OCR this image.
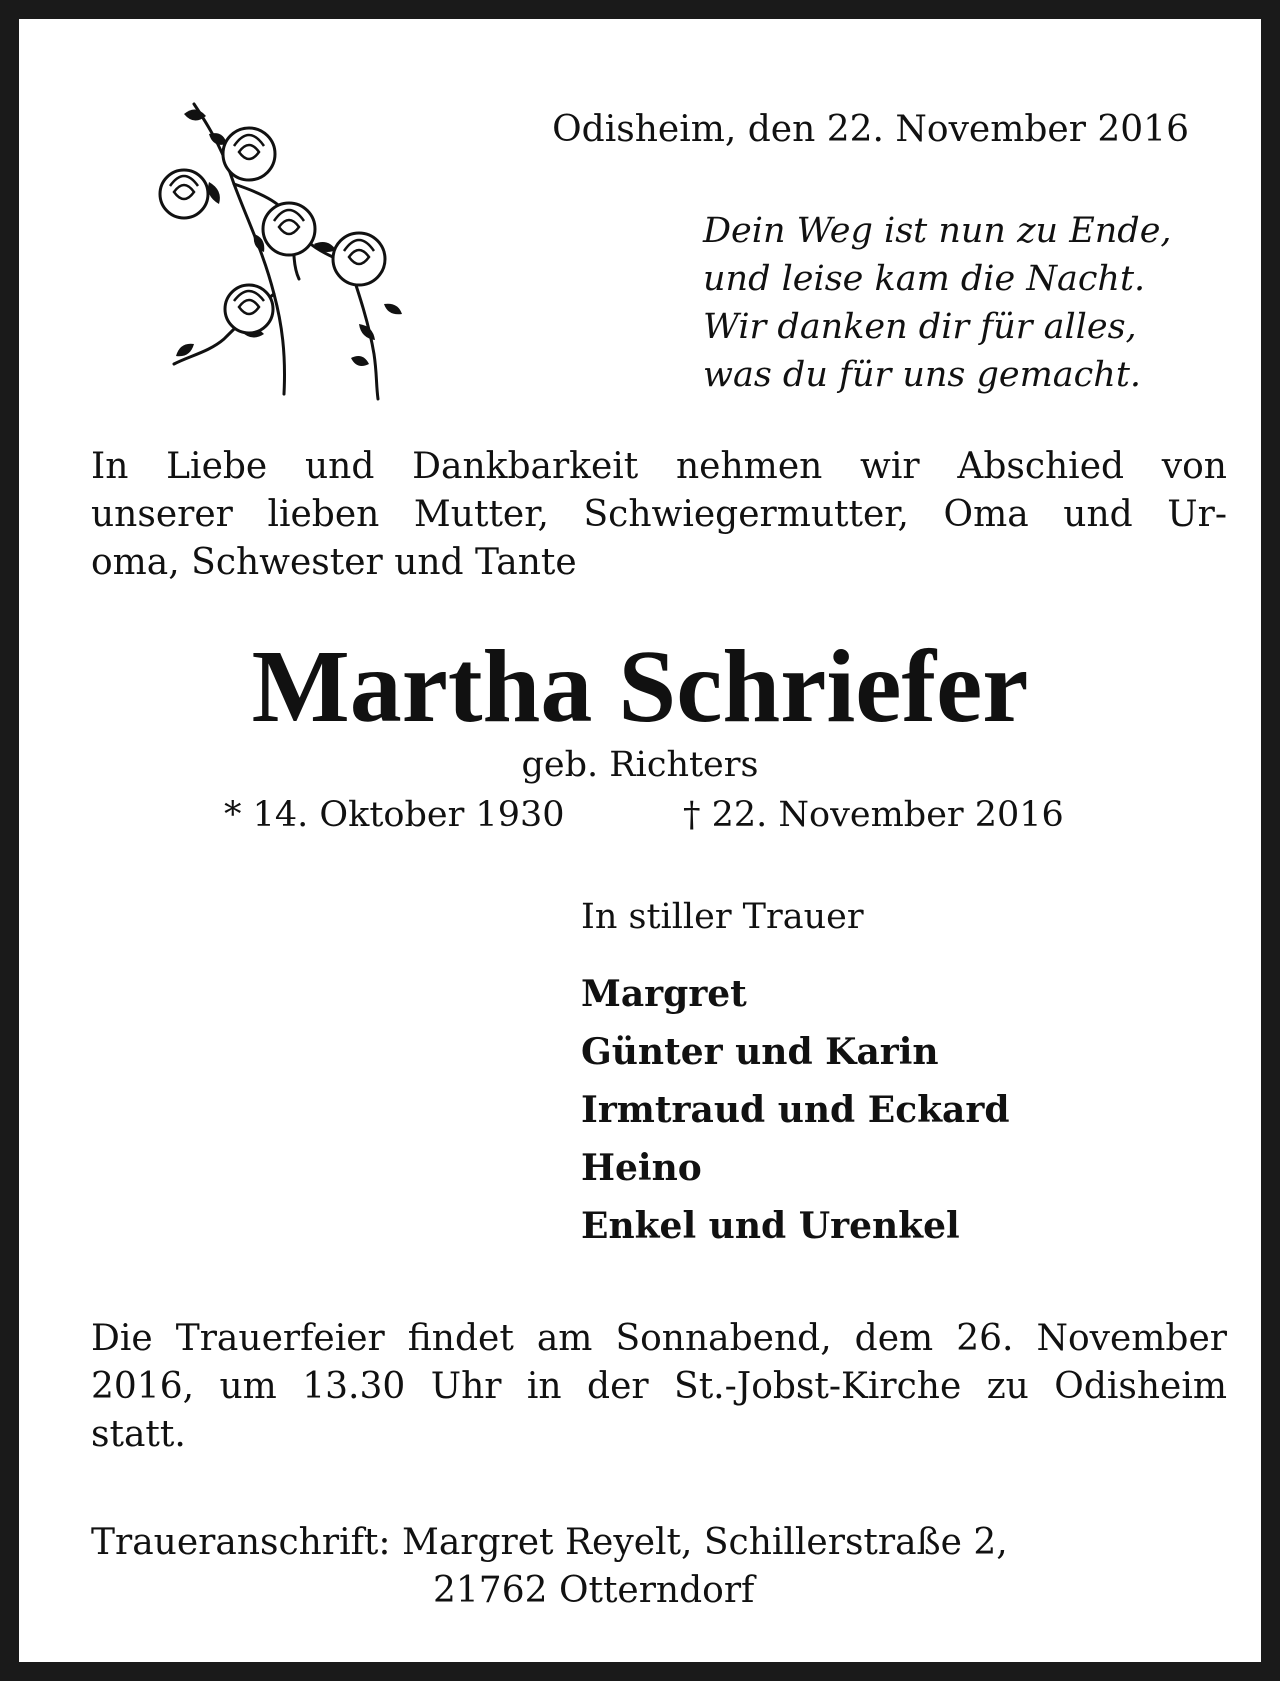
Odisheim, den 22. November 2016
Dein Weg ist nun zu Ende,
und leise kam die Nacht.
Wir danken dir für alles,
was du für uns gemacht.
In Liebe und Dankbarkeit nehmen wir Abschied von
unserer lieben Mutter, Schwiegermutter, Oma und Ur-
oma, Schwester und Tante
Martha Schriefer
geb. Richters
* 14. Oktober 1930	† 22. November 2016
In stiller Trauer
Margret
Günter und Karin
Irmtraud und Eckard
Heino
Enkel und Urenkel
Die Trauerfeier findet am Sonnabend, dem 26. November
2016, um 13.30 Uhr in der St.-Jobst-Kirche zu Odisheim
statt.
Traueranschrift: Margret Reyelt, Schillerstraße 2,
21762 Otterndorf
